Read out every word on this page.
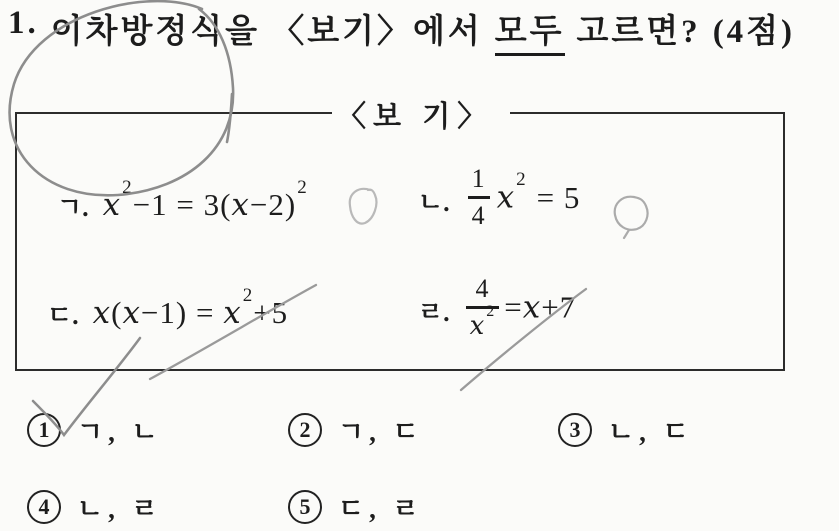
1. 이차방정식을 〈보기〉에서 모두 고르면? (4점)
〈보 기〉
ㄱ. $x^2-1 = 3(x-2)^2$
ㄴ. $\frac{1}{4} x^2 = 5$
ㄷ. $x(x-1) = x^2+5$	ㄹ. $\frac{4}{x^2} =x+7$
1	ㄱ, ㄴ	2	ㄱ, ㄷ	3	ㄴ, ㄷ
4	ㄴ, ㄹ	5	ㄷ, ㄹ
